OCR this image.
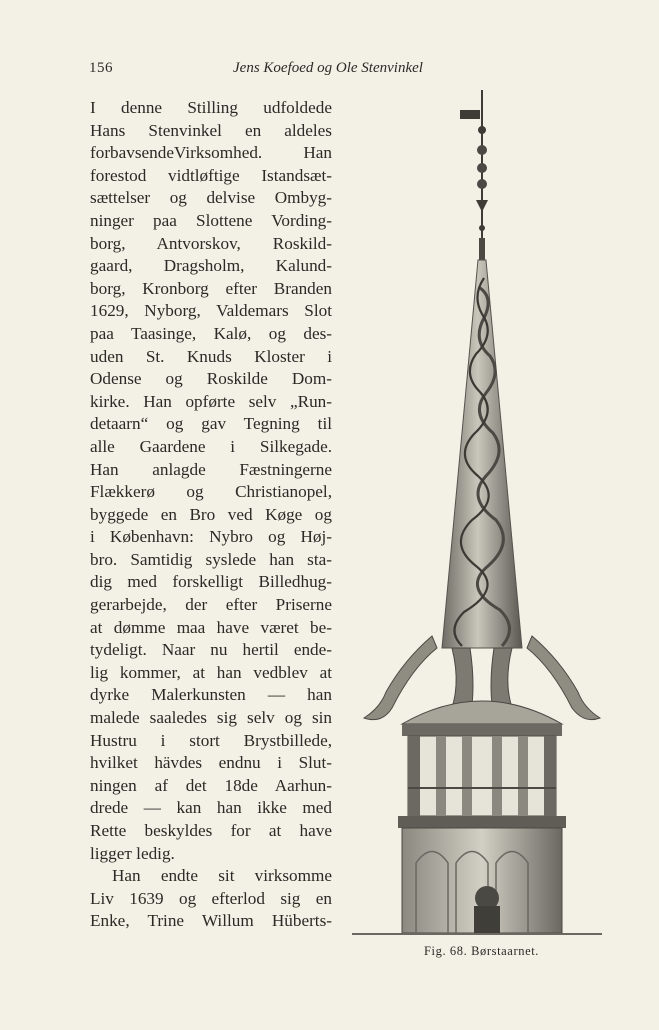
156	Jens Koefoed og Ole Stenvinkel
I denne Stilling udfoldede
Hans Stenvinkel en aldeles
forbavsendeVirksomhed. Han
forestod vidtløftige Istandsæt-
sættelser og delvise Ombyg-
ninger paa Slottene Vording-
borg, Antvorskov, Roskild-
gaard, Dragsholm, Kalund-
borg, Kronborg efter Branden
1629, Nyborg, Valdemars Slot
paa Taasinge, Kalø, og des-
uden St. Knuds Kloster i
Odense og Roskilde Dom-
kirke. Han opførte selv „Run-
detaarn“ og gav Tegning til
alle Gaardene i Silkegade.
Han anlagde Fæstningerne
Flækkerø og Christianopel,
byggede en Bro ved Køge og
i København: Nybro og Høj-
bro. Samtidig syslede han sta-
dig med forskelligt Billedhug-
gerarbejde, der efter Priserne
at dømme maa have været be-
tydeligt. Naar nu hertil ende-
lig kommer, at han vedblev at
dyrke Malerkunsten — han
malede saaledes sig selv og sin
Hustru i stort Brystbillede,
hvilket hävdes endnu i Slut-
ningen af det 18de Aarhun-
drede — kan han ikke med
Rette beskyldes for at have
liggет ledig.
Han endte sit virksomme
Liv 1639 og efterlod sig en
Enke, Trine Willum Hüberts-
Fig. 68. Børstaarnet.
